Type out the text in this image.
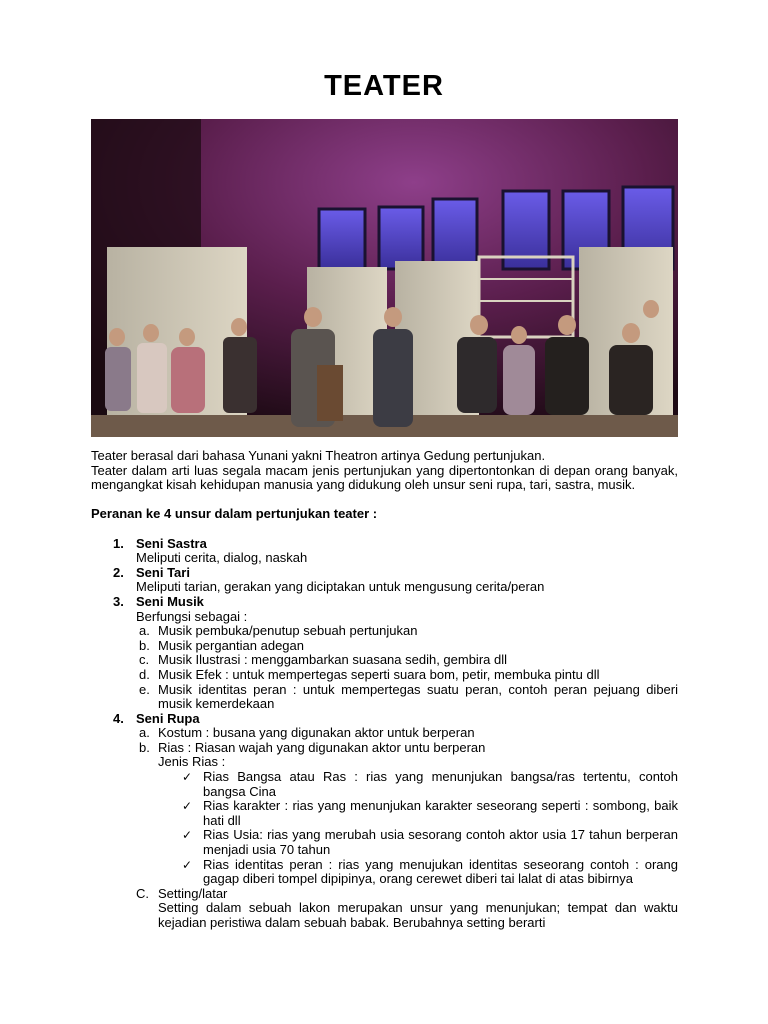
TEATER

Teater berasal dari bahasa Yunani yakni Theatron artinya Gedung pertunjukan.

Teater dalam arti luas segala macam jenis pertunjukan yang dipertontonkan di depan orang banyak, mengangkat kisah kehidupan manusia yang didukung oleh unsur seni rupa, tari, sastra, musik.

Peranan ke 4 unsur dalam pertunjukan teater :

1. Seni Sastra

Meliputi cerita, dialog, naskah

2. Seni Tari

Meliputi tarian, gerakan yang diciptakan untuk mengusung cerita/peran

3. Seni Musik

Berfungsi sebagai :

a. Musik pembuka/penutup sebuah pertunjukan
b. Musik pergantian adegan
c. Musik Ilustrasi : menggambarkan suasana sedih, gembira dll
d. Musik Efek : untuk mempertegas seperti suara bom, petir, membuka pintu dll
e. Musik identitas peran : untuk mempertegas suatu peran, contoh peran pejuang diberi musik kemerdekaan
4. Seni Rupa
a. Kostum : busana yang digunakan aktor untuk berperan
b. Rias : Riasan wajah yang digunakan aktor untu berperan

Jenis Rias :

✓ Rias Bangsa atau Ras : rias yang menunjukan bangsa/ras tertentu, contoh bangsa Cina
✓ Rias karakter : rias yang menunjukan karakter seseorang seperti : sombong, baik hati dll
✓ Rias Usia: rias yang merubah usia sesorang contoh aktor usia 17 tahun berperan menjadi usia 70 tahun
✓ Rias identitas peran : rias yang menujukan identitas seseorang contoh : orang gagap diberi tompel dipipinya, orang cerewet diberi tai lalat di atas bibirnya
C. Setting/latar

Setting dalam sebuah lakon merupakan unsur yang menunjukan; tempat dan waktu kejadian peristiwa dalam sebuah babak. Berubahnya setting berarti
